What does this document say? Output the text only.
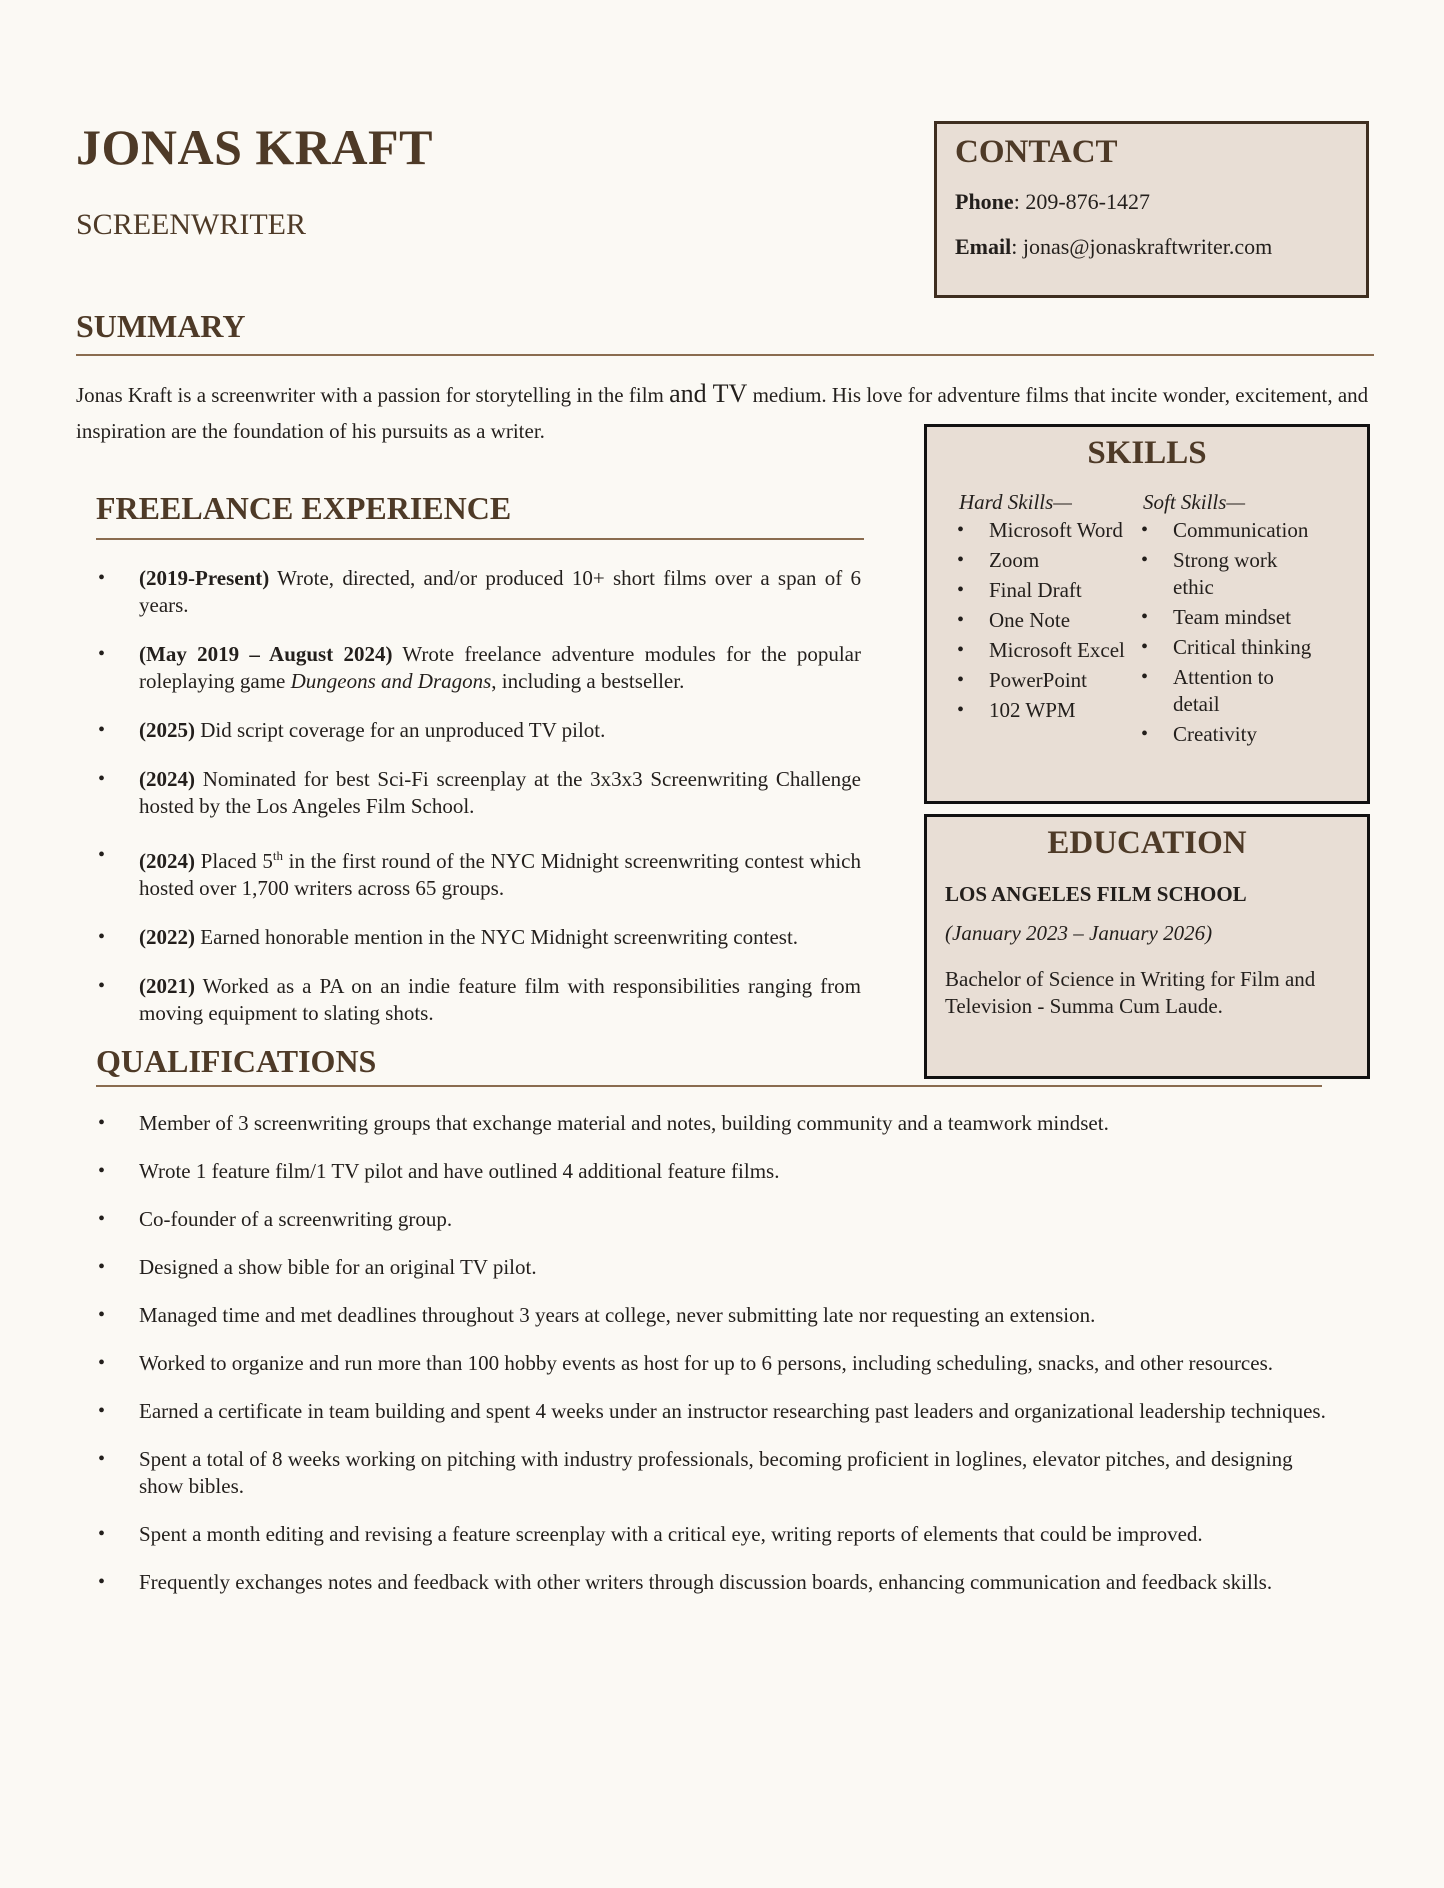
JONAS KRAFT
SCREENWRITER
CONTACT

Phone: 209-876-1427

Email: jonas@jonaskraftwriter.com

SUMMARY
Jonas Kraft is a screenwriter with a passion for storytelling in the film and TV medium. His love for adventure films that incite wonder, excitement, and inspiration are the foundation of his pursuits as a writer.
SKILLS
Hard Skills—
• Microsoft Word
• Zoom
• Final Draft
• One Note
• Microsoft Excel
• PowerPoint
• 102 WPM
Soft Skills—
• Communication
• Strong work ethic
• Team mindset
• Critical thinking
• Attention to detail
• Creativity
EDUCATION

LOS ANGELES FILM SCHOOL

(January 2023 – January 2026)

Bachelor of Science in Writing for Film and Television - Summa Cum Laude.

FREELANCE EXPERIENCE
• (2019-Present) Wrote, directed, and/or produced 10+ short films over a span of 6 years.
• (May 2019 – August 2024) Wrote freelance adventure modules for the popular roleplaying game Dungeons and Dragons, including a bestseller.
• (2025) Did script coverage for an unproduced TV pilot.
• (2024) Nominated for best Sci-Fi screenplay at the 3x3x3 Screenwriting Challenge hosted by the Los Angeles Film School.
• (2024) Placed 5th in the first round of the NYC Midnight screenwriting contest which hosted over 1,700 writers across 65 groups.
• (2022) Earned honorable mention in the NYC Midnight screenwriting contest.
• (2021) Worked as a PA on an indie feature film with responsibilities ranging from moving equipment to slating shots.
QUALIFICATIONS
• Member of 3 screenwriting groups that exchange material and notes, building community and a teamwork mindset.
• Wrote 1 feature film/1 TV pilot and have outlined 4 additional feature films.
• Co-founder of a screenwriting group.
• Designed a show bible for an original TV pilot.
• Managed time and met deadlines throughout 3 years at college, never submitting late nor requesting an extension.
• Worked to organize and run more than 100 hobby events as host for up to 6 persons, including scheduling, snacks, and other resources.
• Earned a certificate in team building and spent 4 weeks under an instructor researching past leaders and organizational leadership techniques.
• Spent a total of 8 weeks working on pitching with industry professionals, becoming proficient in loglines, elevator pitches, and designing show bibles.
• Spent a month editing and revising a feature screenplay with a critical eye, writing reports of elements that could be improved.
• Frequently exchanges notes and feedback with other writers through discussion boards, enhancing communication and feedback skills.
